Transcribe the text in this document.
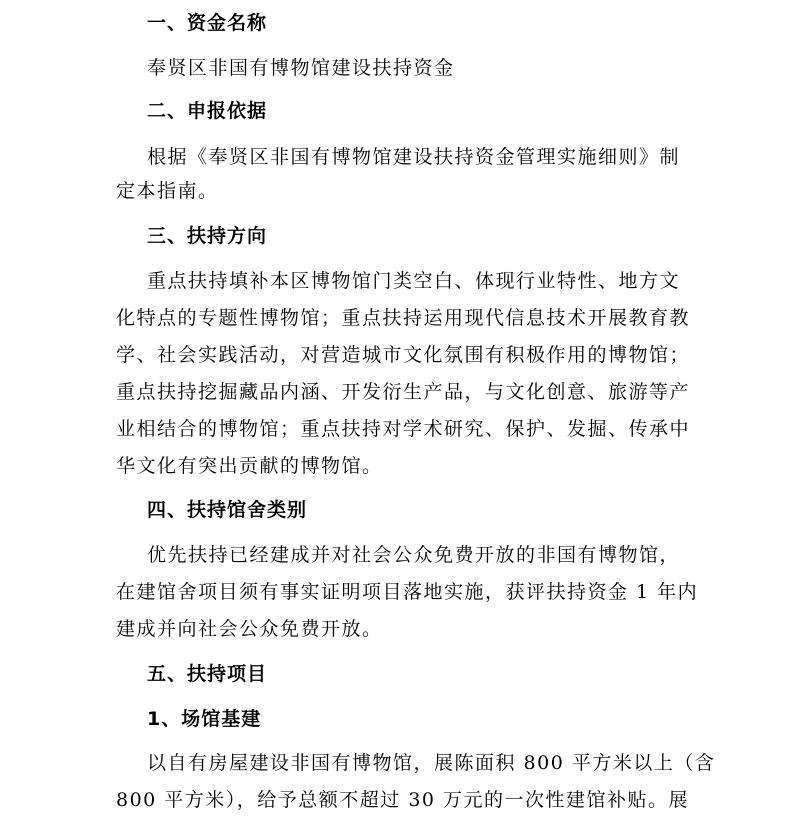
一、资金名称
奉贤区非国有博物馆建设扶持资金
二、申报依据
根据《奉贤区非国有博物馆建设扶持资金管理实施细则》制
定本指南。
三、扶持方向
重点扶持填补本区博物馆门类空白、体现行业特性、地方文
化特点的专题性博物馆；重点扶持运用现代信息技术开展教育教
学、社会实践活动，对营造城市文化氛围有积极作用的博物馆；
重点扶持挖掘藏品内涵、开发衍生产品，与文化创意、旅游等产
业相结合的博物馆；重点扶持对学术研究、保护、发掘、传承中
华文化有突出贡献的博物馆。
四、扶持馆舍类别
优先扶持已经建成并对社会公众免费开放的非国有博物馆，
在建馆舍项目须有事实证明项目落地实施，获评扶持资金 1 年内
建成并向社会公众免费开放。
五、扶持项目
1、场馆基建
以自有房屋建设非国有博物馆，展陈面积 800 平方米以上（含
800 平方米），给予总额不超过 30 万元的一次性建馆补贴。展
